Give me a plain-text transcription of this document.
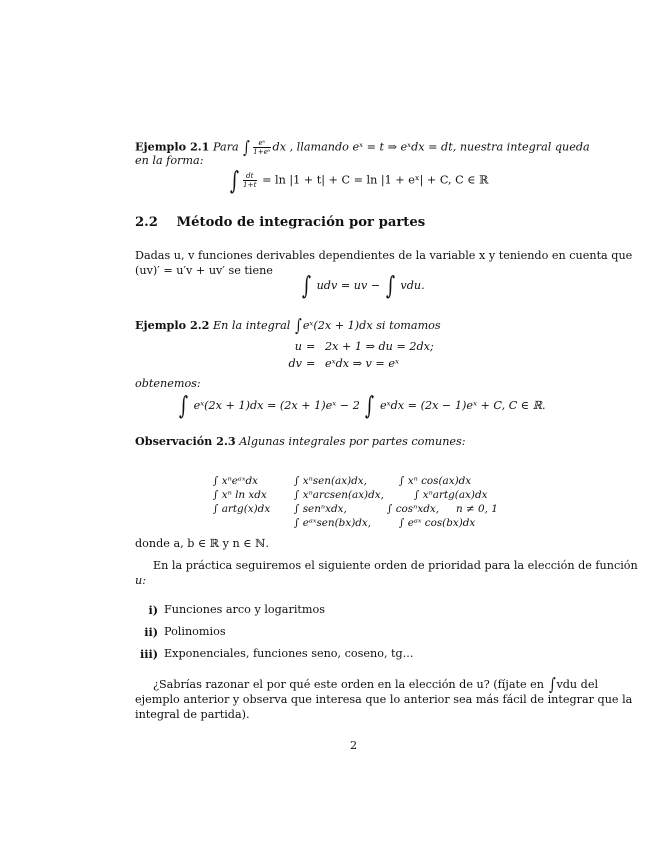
Ejemplo 2.1 Para ∫ $\frac{\text{eˣ}}{\text{1+eˣ}}$ dx , llamando eˣ = t ⇒ eˣdx = dt, nuestra integral queda
en la forma:
∫ $\frac{dt}{1+t} = \ln |1 + t| + C = \ln |1$ + eˣ| + C, C ∈ ℝ
2.2 Método de integración por partes
Dadas u, v funciones derivables dependientes de la variable x y teniendo en cuenta que
(uv)′ = u′v + uv′ se tiene
∫ udv = uv − ∫ vdu.
Ejemplo 2.2 En la integral ∫eˣ(2x + 1)dx si tomamos
u = 2x + 1 ⇒ du = 2dx;
dv = eˣdx ⇒ v = eˣ
obtenemos:
∫ eˣ(2x + 1)dx = (2x + 1)eˣ − 2 ∫ eˣdx = (2x − 1)eˣ + C, C ∈ ℝ.
Observación 2.3 Algunas integrales por partes comunes:
∫ xⁿeᵃˣdx
∫ xⁿ ln xdx
∫ artg(x)dx
∫ xⁿsen(ax)dx,
∫ xⁿarcsen(ax)dx,
∫ senⁿxdx,
∫ eᵃˣsen(bx)dx,
∫ xⁿ cos(ax)dx
∫ xⁿartg(ax)dx
∫ cosⁿxdx,
∫ eᵃˣ cos(bx)dx
n ≠ 0, 1
donde a, b ∈ ℝ y n ∈ ℕ.
En la práctica seguiremos el siguiente orden de prioridad para la elección de función
u:
i) Funciones arco y logaritmos
ii) Polinomios
iii) Exponenciales, funciones seno, coseno, tg...
¿Sabrías razonar el por qué este orden en la elección de u? (fíjate en ∫vdu del
ejemplo anterior y observa que interesa que lo anterior sea más fácil de integrar que la
integral de partida).
2
